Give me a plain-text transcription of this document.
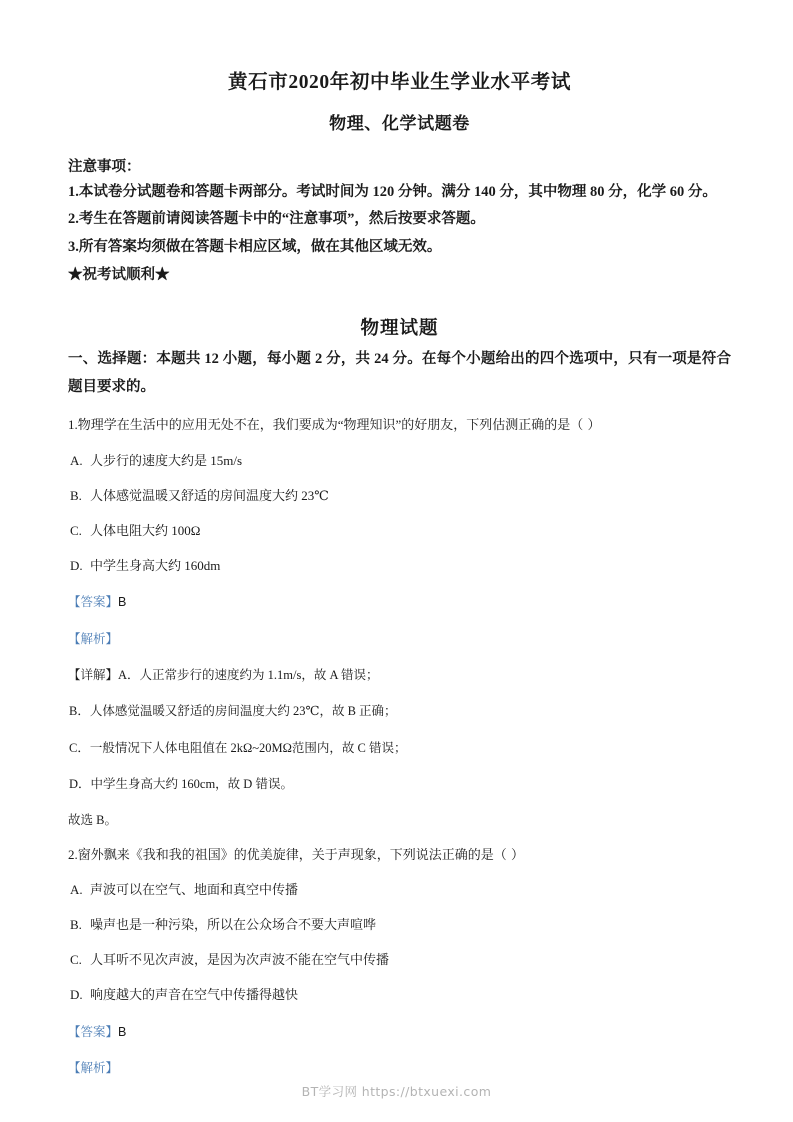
黄石市2020年初中毕业生学业水平考试
物理、化学试题卷

注意事项：

1.本试卷分试题卷和答题卡两部分。考试时间为 120 分钟。满分 140 分，其中物理 80 分，化学 60 分。

2.考生在答题前请阅读答题卡中的“注意事项”，然后按要求答题。

3.所有答案均须做在答题卡相应区域，做在其他区域无效。

★祝考试顺利★

物理试题

一、选择题：本题共 12 小题，每小题 2 分，共 24 分。在每个小题给出的四个选项中，只有一项是符合题目要求的。

1.物理学在生活中的应用无处不在，我们要成为“物理知识”的好朋友，下列估测正确的是（ ）

A. 人步行的速度大约是 15m/s

B. 人体感觉温暖又舒适的房间温度大约 23℃

C. 人体电阻大约 100Ω

D. 中学生身高大约 160dm

【答案】B

【解析】

【详解】A．人正常步行的速度约为 1.1m/s，故 A 错误；

B．人体感觉温暖又舒适的房间温度大约 23℃，故 B 正确；

C．一般情况下人体电阻值在 2kΩ~20MΩ范围内，故 C 错误；

D．中学生身高大约 160cm，故 D 错误。

故选 B。

2.窗外飘来《我和我的祖国》的优美旋律，关于声现象，下列说法正确的是（ ）

A. 声波可以在空气、地面和真空中传播

B. 噪声也是一种污染，所以在公众场合不要大声喧哗

C. 人耳听不见次声波，是因为次声波不能在空气中传播

D. 响度越大的声音在空气中传播得越快

【答案】B

【解析】

BT学习网 https://btxuexi.com
